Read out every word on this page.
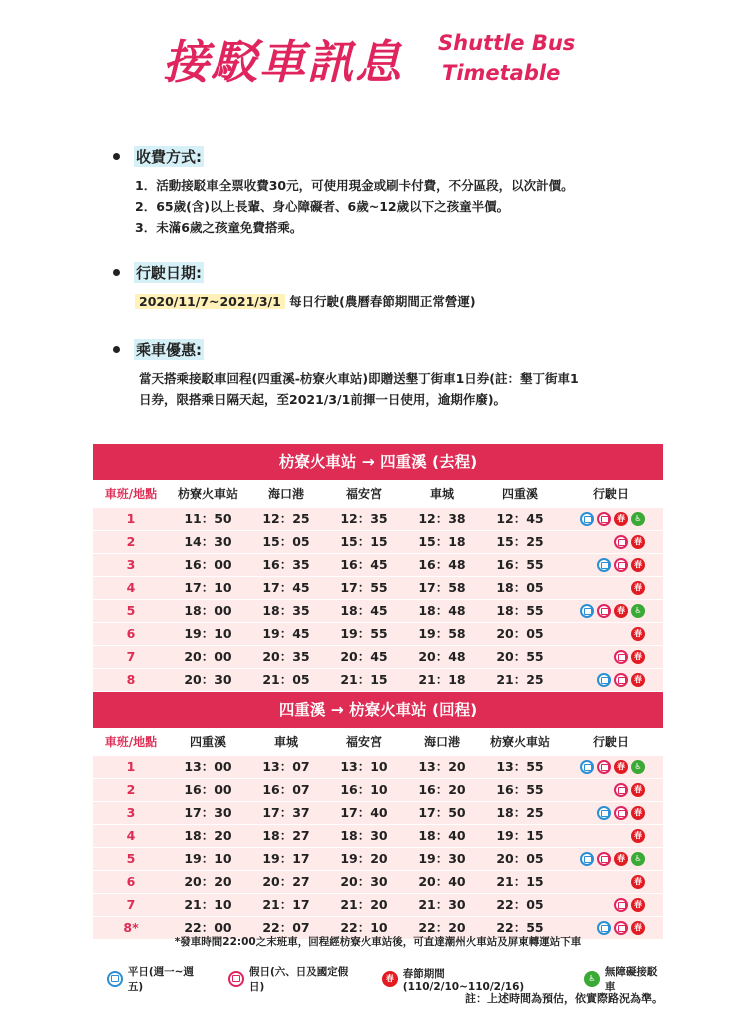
接駁車訊息 Shuttle Bus
Timetable
收費方式:
1．活動接駁車全票收費30元，可使用現金或刷卡付費，不分區段，以次計價。
2．65歲(含)以上長輩、身心障礙者、6歲~12歲以下之孩童半價。
3．未滿6歲之孩童免費搭乘。
行駛日期:
2020/11/7~2021/3/1 每日行駛(農曆春節期間正常營運)
乘車優惠:
當天搭乘接駁車回程(四重溪-枋寮火車站)即贈送墾丁街車1日券(註：墾丁街車1
日券，限搭乘日隔天起，至2021/3/1前揮一日使用，逾期作廢)。
枋寮火車站 → 四重溪 (去程)
車班/地點	枋寮火車站	海口港	福安宮	車城	四重溪	行駛日
1	11：50	12：25	12：35	12：38	12：45	春	♿
2	14：30	15：05	15：15	15：18	15：25	春
3	16：00	16：35	16：45	16：48	16：55	春
4	17：10	17：45	17：55	17：58	18：05	春
5	18：00	18：35	18：45	18：48	18：55	春	♿
6	19：10	19：45	19：55	19：58	20：05	春
7	20：00	20：35	20：45	20：48	20：55	春
8	20：30	21：05	21：15	21：18	21：25	春
四重溪 → 枋寮火車站 (回程)
車班/地點	四重溪	車城	福安宮	海口港	枋寮火車站	行駛日
1	13：00	13：07	13：10	13：20	13：55	春	♿
2	16：00	16：07	16：10	16：20	16：55	春
3	17：30	17：37	17：40	17：50	18：25	春
4	18：20	18：27	18：30	18：40	19：15	春
5	19：10	19：17	19：20	19：30	20：05	春	♿
6	20：20	20：27	20：30	20：40	21：15	春
7	21：10	21：17	21：20	21：30	22：05	春
8*	22：00	22：07	22：10	22：20	22：55	春
*發車時間22:00之末班車，回程經枋寮火車站後，可直達潮州火車站及屏東轉運站下車
平日(週一~週五)
假日(六、日及國定假日)
春 春節期間(110/2/10~110/2/16)
♿
無障礙接駁車
註：上述時間為預估，依實際路況為準。
